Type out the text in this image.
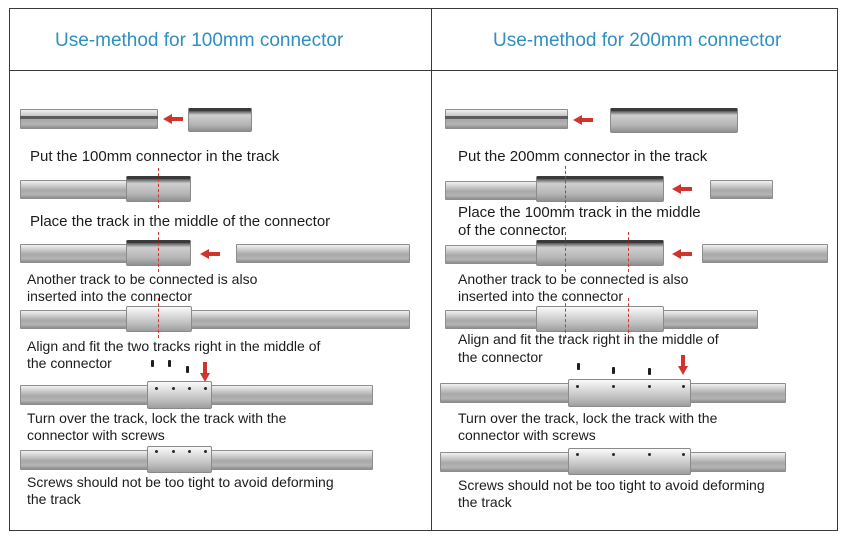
Use-method for 100mm connector	Use-method for 200mm connector
Put the 100mm connector in the track
Place the track in the middle of the connector
Another track to be connected is also
inserted into the connector
Align and fit the two tracks right in the middle of
the connector
Turn over the track, lock the track with the
connector with screws
Screws should not be too tight to avoid deforming
the track
Put the 200mm connector in the track
Place the 100mm track in the middle
of the connector
Another track to be connected is also
inserted into the connector
Align and fit the track right in the middle of
the connector
Turn over the track, lock the track with the
connector with screws
Screws should not be too tight to avoid deforming
the track
